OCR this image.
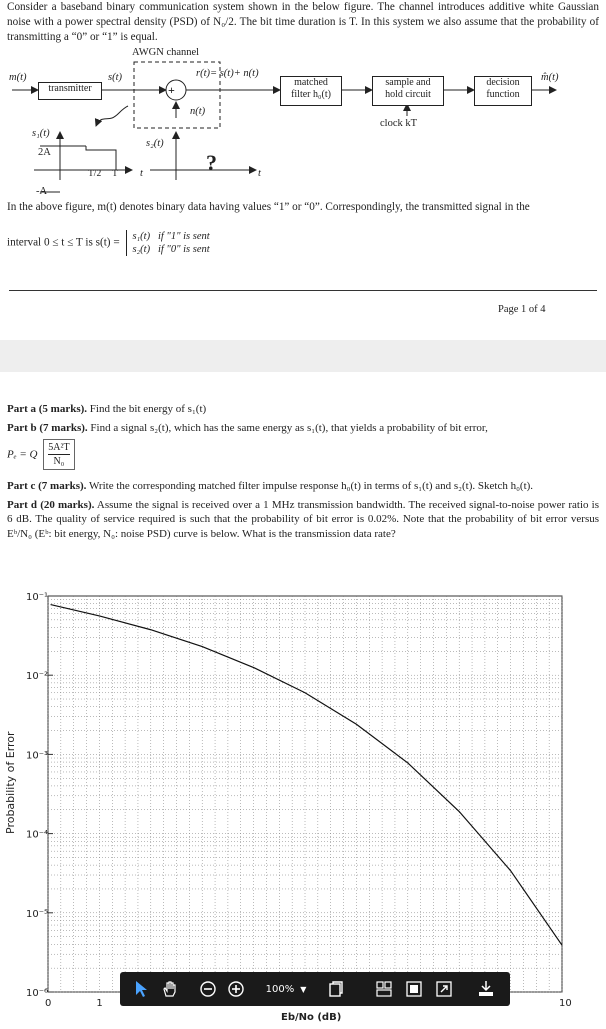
Consider a baseband binary communication system shown in the below figure. The channel introduces additive white Gaussian noise with a power spectral density (PSD) of N₀/2. The bit time duration is T. In this system we also assume that the probability of transmitting a “0” or “1” is equal.
AWGN channel
m(t)
transmitter
s(t)	r(t)= s(t)+ n(t)
+
n(t)
matched
filter h₀(t)
sample and
hold circuit
decision
function
m̂(t)
clock kT
s₁(t)
2A
-A
T/2 T t
s₂(t)
?	t
In the above figure, m(t) denotes binary data having values “1” or “0”. Correspondingly, the transmitted signal in the
interval 0 ≤ t ≤ T is s(t) =
s₁(t) if "1" is sent
s₂(t) if "0" is sent
Page 1 of 4

Part a (5 marks). Find the bit energy of s₁(t)

Part b (7 marks). Find a signal s₂(t), which has the same energy as s₁(t), that yields a probability of bit error,

Pₑ = Q $\frac{\text{5A²T}}{\text{N₀}}$

Part c (7 marks). Write the corresponding matched filter impulse response h₀(t) in terms of s₁(t) and s₂(t). Sketch h₀(t).

Part d (20 marks). Assume the signal is received over a 1 MHz transmission bandwidth. The received signal-to-noise power ratio is 6 dB. The quality of service required is such that the probability of bit error is 0.02%. Note that the probability of bit error versus Eᵇ/N₀ (Eᵇ: bit energy, N₀: noise PSD) curve is below. What is the transmission data rate?

10⁻¹
10⁻²
10⁻³
10⁻⁴
10⁻⁵
10⁻⁶
0	1	10
Probability of Error
Eb/No (dB)
100% ▼
